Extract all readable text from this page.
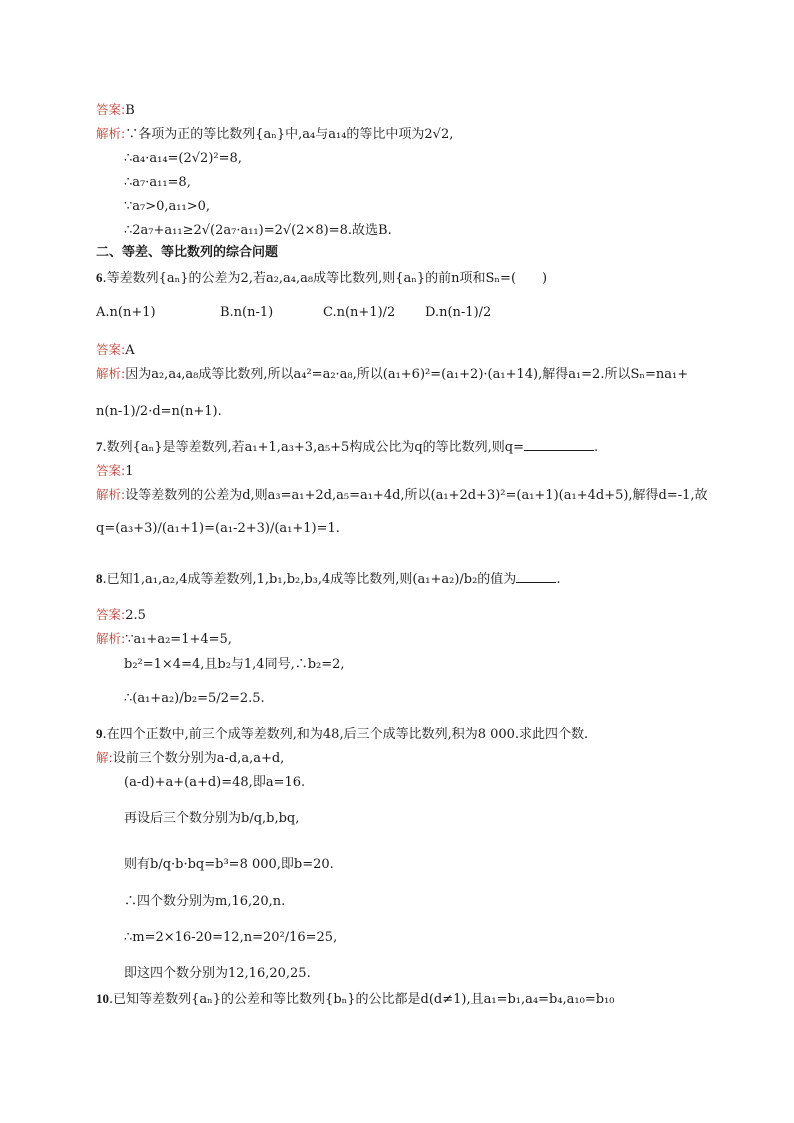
答案:B
解析:∵各项为正的等比数列{aₙ}中,a₄与a₁₄的等比中项为2√2,
∴a₄·a₁₄=(2√2)²=8,
∴a₇·a₁₁=8,
∵a₇>0,a₁₁>0,
∴2a₇+a₁₁≥2√(2a₇·a₁₁)=2√(2×8)=8.故选B.
二、等差、等比数列的综合问题
6.等差数列{aₙ}的公差为2,若a₂,a₄,a₈成等比数列,则{aₙ}的前n项和Sₙ=(　　)
A.n(n+1)	B.n(n-1)	C.n(n+1)/2 D.n(n-1)/2
答案:A
解析:因为a₂,a₄,a₈成等比数列,所以a₄²=a₂·a₈,所以(a₁+6)²=(a₁+2)·(a₁+14),解得a₁=2.所以Sₙ=na₁+
n(n-1)/2·d=n(n+1).
7.数列{aₙ}是等差数列,若a₁+1,a₃+3,a₅+5构成公比为q的等比数列,则q=	.
答案:1
解析:设等差数列的公差为d,则a₃=a₁+2d,a₅=a₁+4d,所以(a₁+2d+3)²=(a₁+1)(a₁+4d+5),解得d=-1,故
q=(a₃+3)/(a₁+1)=(a₁-2+3)/(a₁+1)=1.
8.已知1,a₁,a₂,4成等差数列,1,b₁,b₂,b₃,4成等比数列,则(a₁+a₂)/b₂的值为	.
答案:2.5
解析:∵a₁+a₂=1+4=5,
b₂²=1×4=4,且b₂与1,4同号,∴b₂=2,
∴(a₁+a₂)/b₂=5/2=2.5.
9.在四个正数中,前三个成等差数列,和为48,后三个成等比数列,积为8 000.求此四个数.
解:设前三个数分别为a-d,a,a+d,
(a-d)+a+(a+d)=48,即a=16.
再设后三个数分别为b/q,b,bq,
则有b/q·b·bq=b³=8 000,即b=20.
∴四个数分别为m,16,20,n.
∴m=2×16-20=12,n=20²/16=25,
即这四个数分别为12,16,20,25.
10.已知等差数列{aₙ}的公差和等比数列{bₙ}的公比都是d(d≠1),且a₁=b₁,a₄=b₄,a₁₀=b₁₀
